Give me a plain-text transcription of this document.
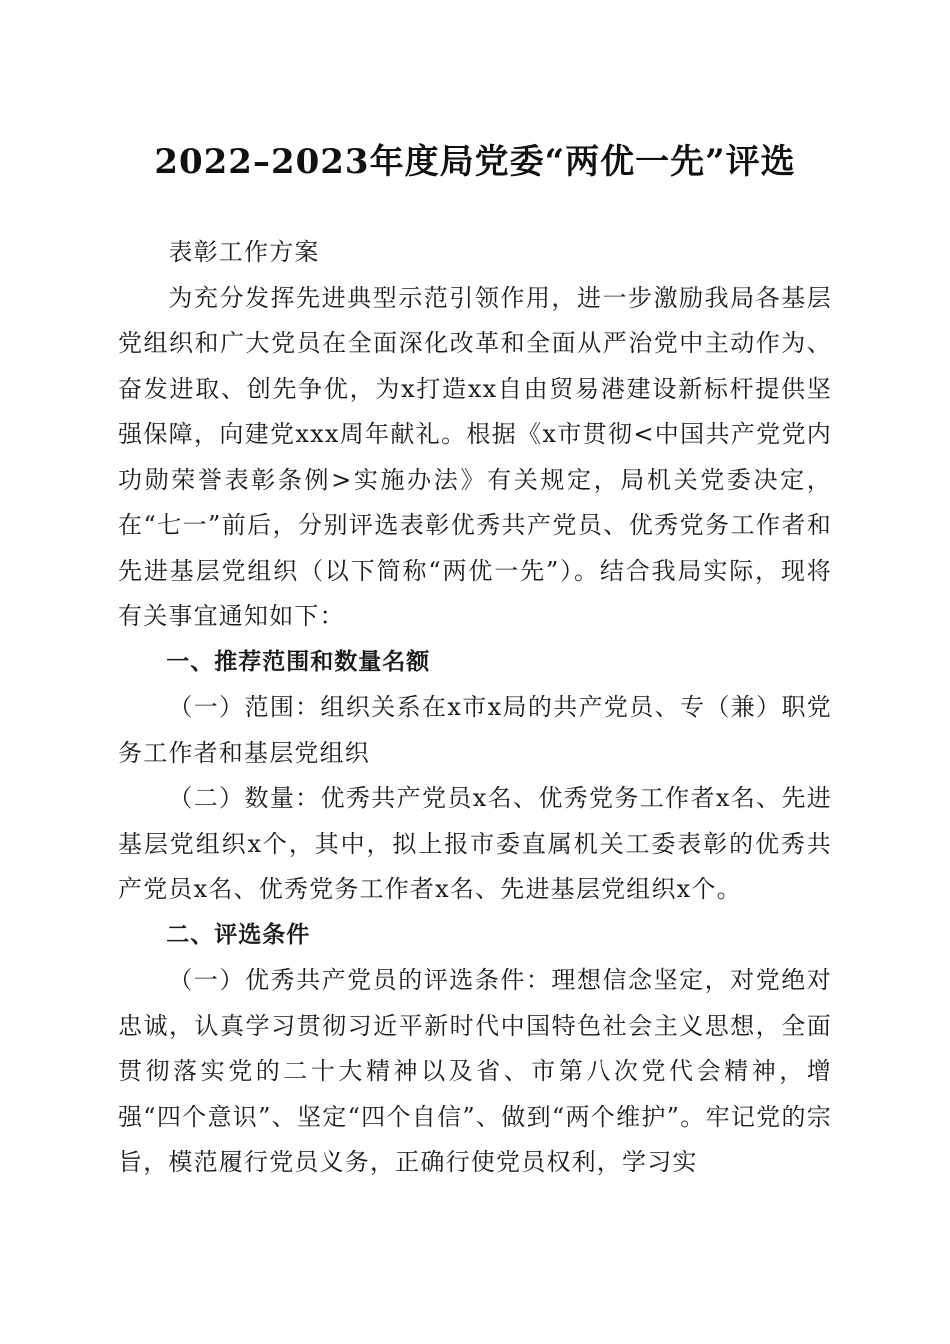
2022–2023年度局党委“两优一先”评选

表彰工作方案

为充分发挥先进典型示范引领作用，进一步激励我局各基层党组织和广大党员在全面深化改革和全面从严治党中主动作为、奋发进取、创先争优，为x打造xx自由贸易港建设新标杆提供坚强保障，向建党xxx周年献礼。根据《x市贯彻<中国共产党党内功勋荣誉表彰条例>实施办法》有关规定，局机关党委决定，在“七一”前后，分别评选表彰优秀共产党员、优秀党务工作者和先进基层党组织（以下简称“两优一先”）。结合我局实际，现将有关事宜通知如下：

一、推荐范围和数量名额

（一）范围：组织关系在x市x局的共产党员、专（兼）职党务工作者和基层党组织

（二）数量：优秀共产党员x名、优秀党务工作者x名、先进基层党组织x个，其中，拟上报市委直属机关工委表彰的优秀共产党员x名、优秀党务工作者x名、先进基层党组织x个。

二、评选条件

（一）优秀共产党员的评选条件：理想信念坚定，对党绝对忠诚，认真学习贯彻习近平新时代中国特色社会主义思想，全面贯彻落实党的二十大精神以及省、市第八次党代会精神，增强“四个意识”、坚定“四个自信”、做到“两个维护”。牢记党的宗旨，模范履行党员义务，正确行使党员权利，学习实
